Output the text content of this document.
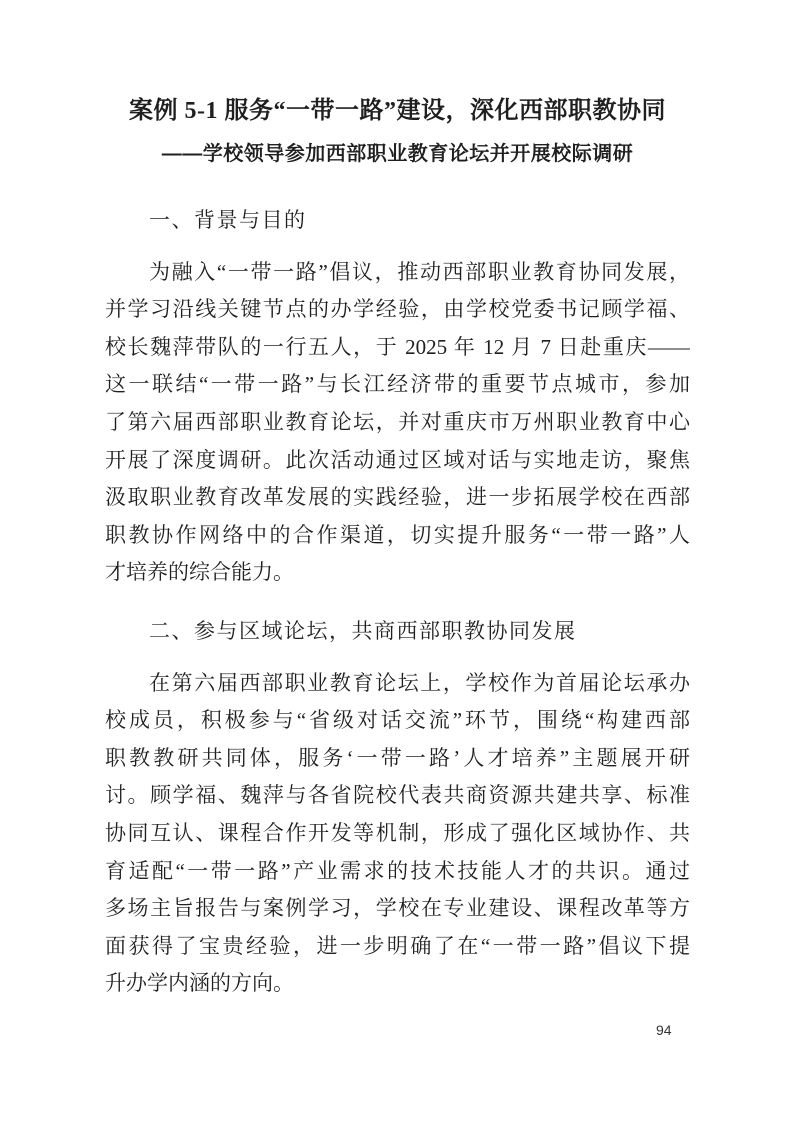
案例 5-1 服务“一带一路”建设，深化西部职教协同
——学校领导参加西部职业教育论坛并开展校际调研
一、背景与目的
为融入“一带一路”倡议，推动西部职业教育协同发展，
并学习沿线关键节点的办学经验，由学校党委书记顾学福、
校长魏萍带队的一行五人，于 2025 年 12 月 7 日赴重庆——
这一联结“一带一路”与长江经济带的重要节点城市，参加
了第六届西部职业教育论坛，并对重庆市万州职业教育中心
开展了深度调研。此次活动通过区域对话与实地走访，聚焦
汲取职业教育改革发展的实践经验，进一步拓展学校在西部
职教协作网络中的合作渠道，切实提升服务“一带一路”人
才培养的综合能力。
二、参与区域论坛，共商西部职教协同发展
在第六届西部职业教育论坛上，学校作为首届论坛承办
校成员，积极参与“省级对话交流”环节，围绕“构建西部
职教教研共同体，服务‘一带一路’人才培养”主题展开研
讨。顾学福、魏萍与各省院校代表共商资源共建共享、标准
协同互认、课程合作开发等机制，形成了强化区域协作、共
育适配“一带一路”产业需求的技术技能人才的共识。通过
多场主旨报告与案例学习，学校在专业建设、课程改革等方
面获得了宝贵经验，进一步明确了在“一带一路”倡议下提
升办学内涵的方向。
94
